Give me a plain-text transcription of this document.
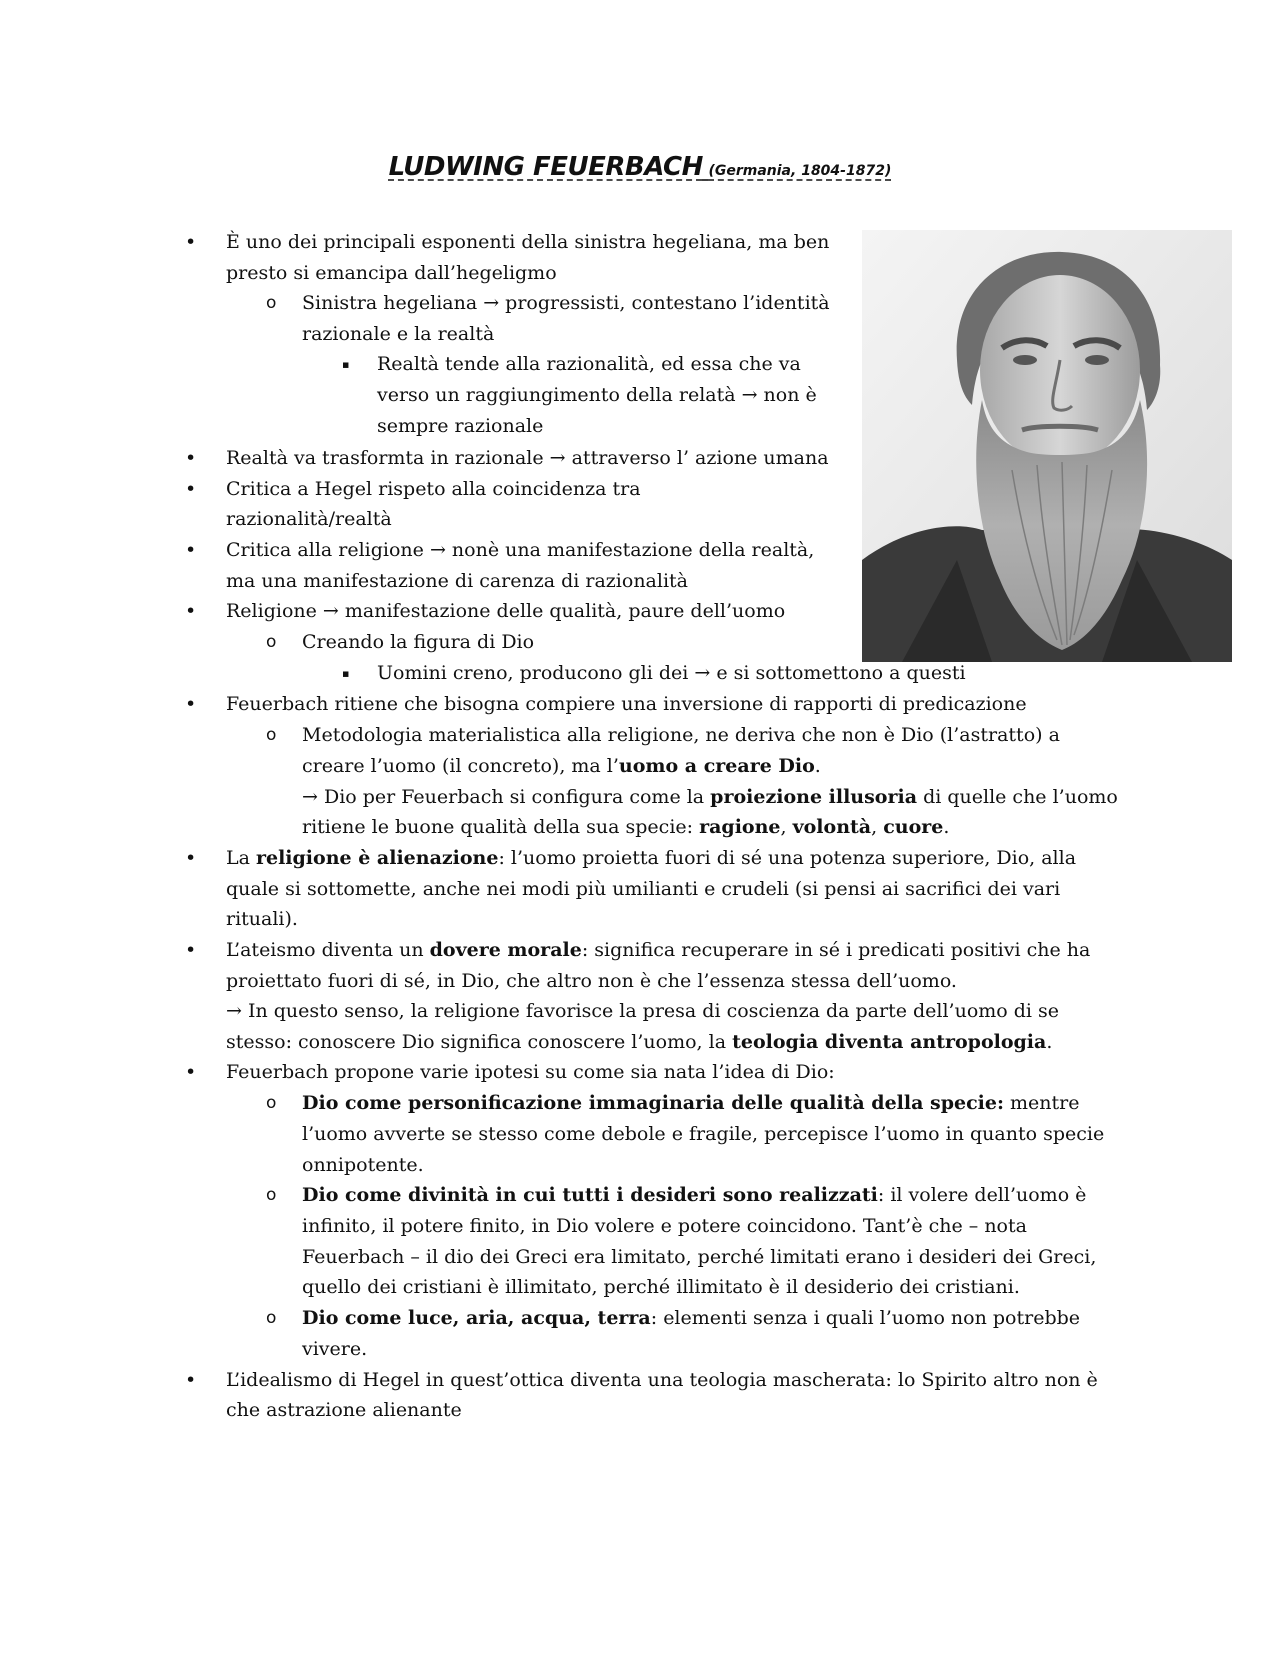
LUDWING FEUERBACH (Germania, 1804-1872)
•
o
▪
•
•
•
•
o
▪
•
o
•
•
•
o
o
o
•
È uno dei principali esponenti della sinistra hegeliana, ma ben
presto si emancipa dall’hegeligmo
Sinistra hegeliana → progressisti, contestano l’identità
razionale e la realtà
Realtà tende alla razionalità, ed essa che va
verso un raggiungimento della relatà → non è
sempre razionale
Realtà va trasformta in razionale → attraverso l’ azione umana
Critica a Hegel rispeto alla coincidenza tra
razionalità/realtà
Critica alla religione → nonè una manifestazione della realtà,
ma una manifestazione di carenza di razionalità
Religione → manifestazione delle qualità, paure dell’uomo
Creando la figura di Dio
Uomini creno, producono gli dei → e si sottomettono a questi
Feuerbach ritiene che bisogna compiere una inversione di rapporti di predicazione
Metodologia materialistica alla religione, ne deriva che non è Dio (l’astratto) a
creare l’uomo (il concreto), ma l’uomo a creare Dio.
→ Dio per Feuerbach si configura come la proiezione illusoria di quelle che l’uomo
ritiene le buone qualità della sua specie: ragione, volontà, cuore.
La religione è alienazione: l’uomo proietta fuori di sé una potenza superiore, Dio, alla
quale si sottomette, anche nei modi più umilianti e crudeli (si pensi ai sacrifici dei vari
rituali).
L’ateismo diventa un dovere morale: significa recuperare in sé i predicati positivi che ha
proiettato fuori di sé, in Dio, che altro non è che l’essenza stessa dell’uomo.
→ In questo senso, la religione favorisce la presa di coscienza da parte dell’uomo di se
stesso: conoscere Dio significa conoscere l’uomo, la teologia diventa antropologia.
Feuerbach propone varie ipotesi su come sia nata l’idea di Dio:
Dio come personificazione immaginaria delle qualità della specie: mentre
l’uomo avverte se stesso come debole e fragile, percepisce l’uomo in quanto specie
onnipotente.
Dio come divinità in cui tutti i desideri sono realizzati: il volere dell’uomo è
infinito, il potere finito, in Dio volere e potere coincidono. Tant’è che – nota
Feuerbach – il dio dei Greci era limitato, perché limitati erano i desideri dei Greci,
quello dei cristiani è illimitato, perché illimitato è il desiderio dei cristiani.
Dio come luce, aria, acqua, terra: elementi senza i quali l’uomo non potrebbe
vivere.
L’idealismo di Hegel in quest’ottica diventa una teologia mascherata: lo Spirito altro non è
che astrazione alienante
